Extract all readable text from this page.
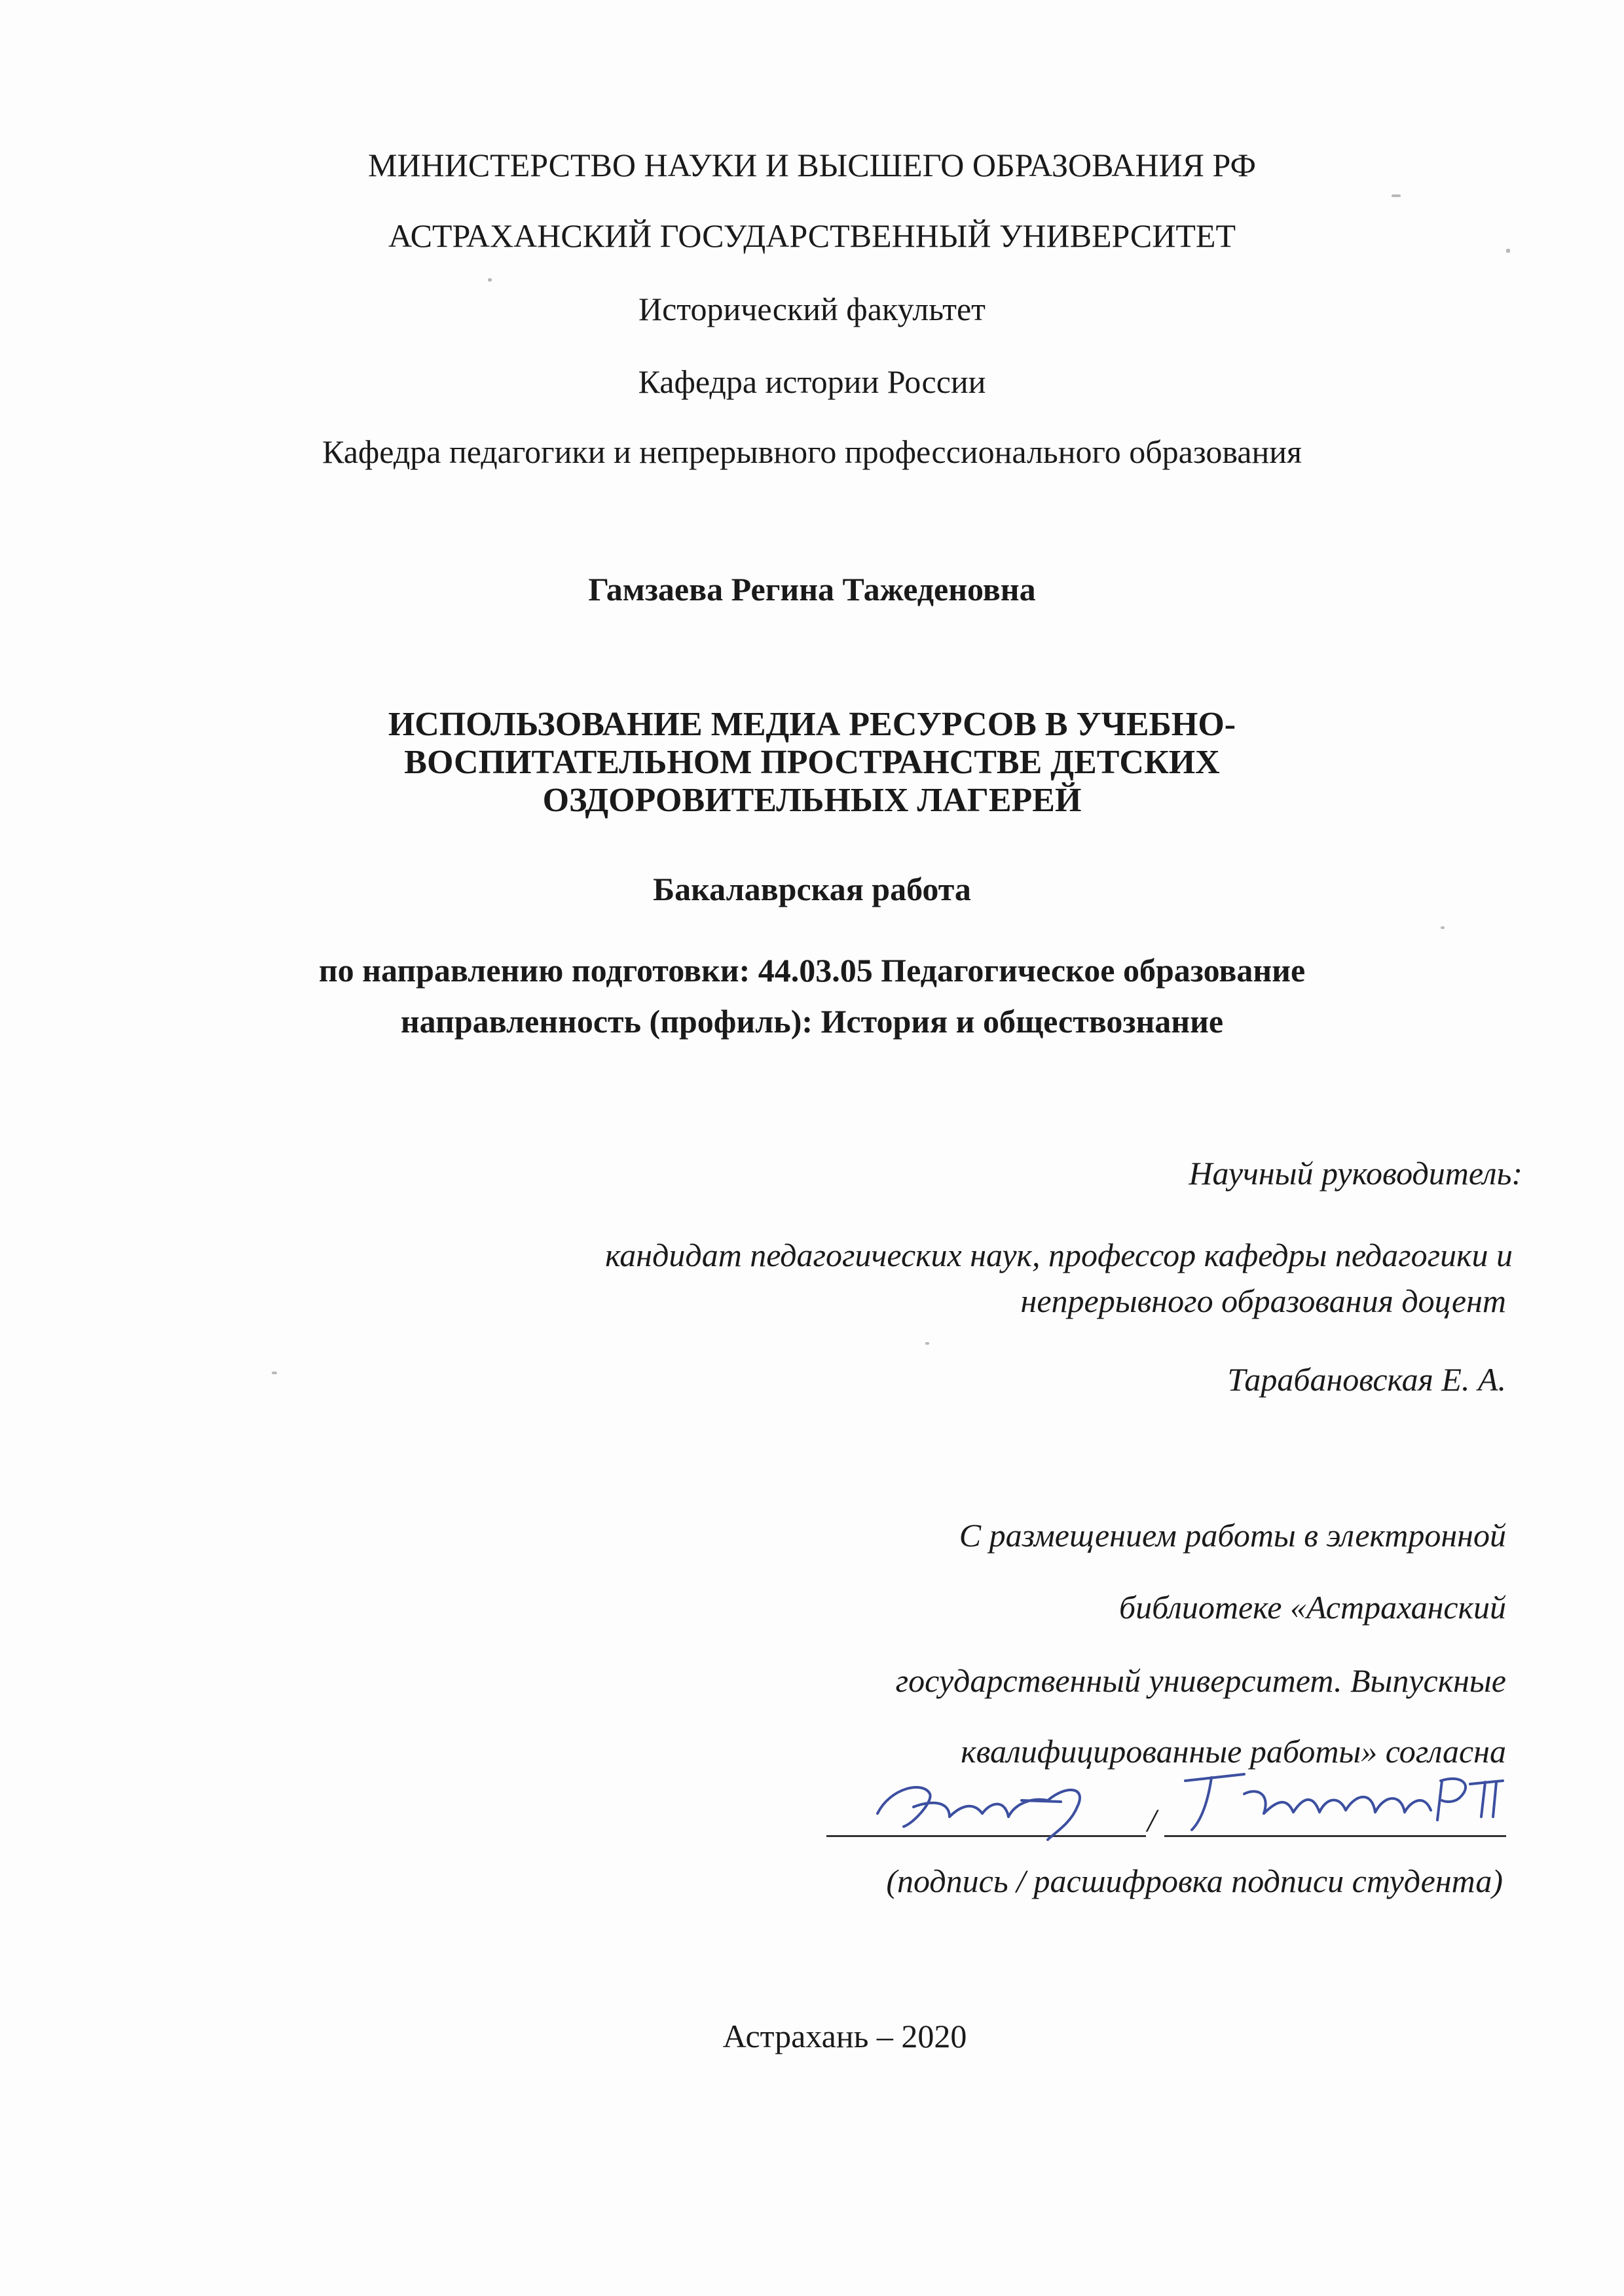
МИНИСТЕРСТВО НАУКИ И ВЫСШЕГО ОБРАЗОВАНИЯ РФ
АСТРАХАНСКИЙ ГОСУДАРСТВЕННЫЙ УНИВЕРСИТЕТ
Исторический факультет
Кафедра истории России
Кафедра педагогики и непрерывного профессионального образования
Гамзаева Регина Тажеденовна
ИСПОЛЬЗОВАНИЕ МЕДИА РЕСУРСОВ В УЧЕБНО-
ВОСПИТАТЕЛЬНОМ ПРОСТРАНСТВЕ ДЕТСКИХ
ОЗДОРОВИТЕЛЬНЫХ ЛАГЕРЕЙ
Бакалаврская работа
по направлению подготовки: 44.03.05 Педагогическое образование
направленность (профиль): История и обществознание
Научный руководитель:
кандидат педагогических наук, профессор кафедры педагогики и
непрерывного образования доцент
Тарабановская Е. А.
С размещением работы в электронной
библиотеке «Астраханский
государственный университет. Выпускные
квалифицированные работы» согласна
/
(подпись / расшифровка подписи студента)
Астрахань – 2020
